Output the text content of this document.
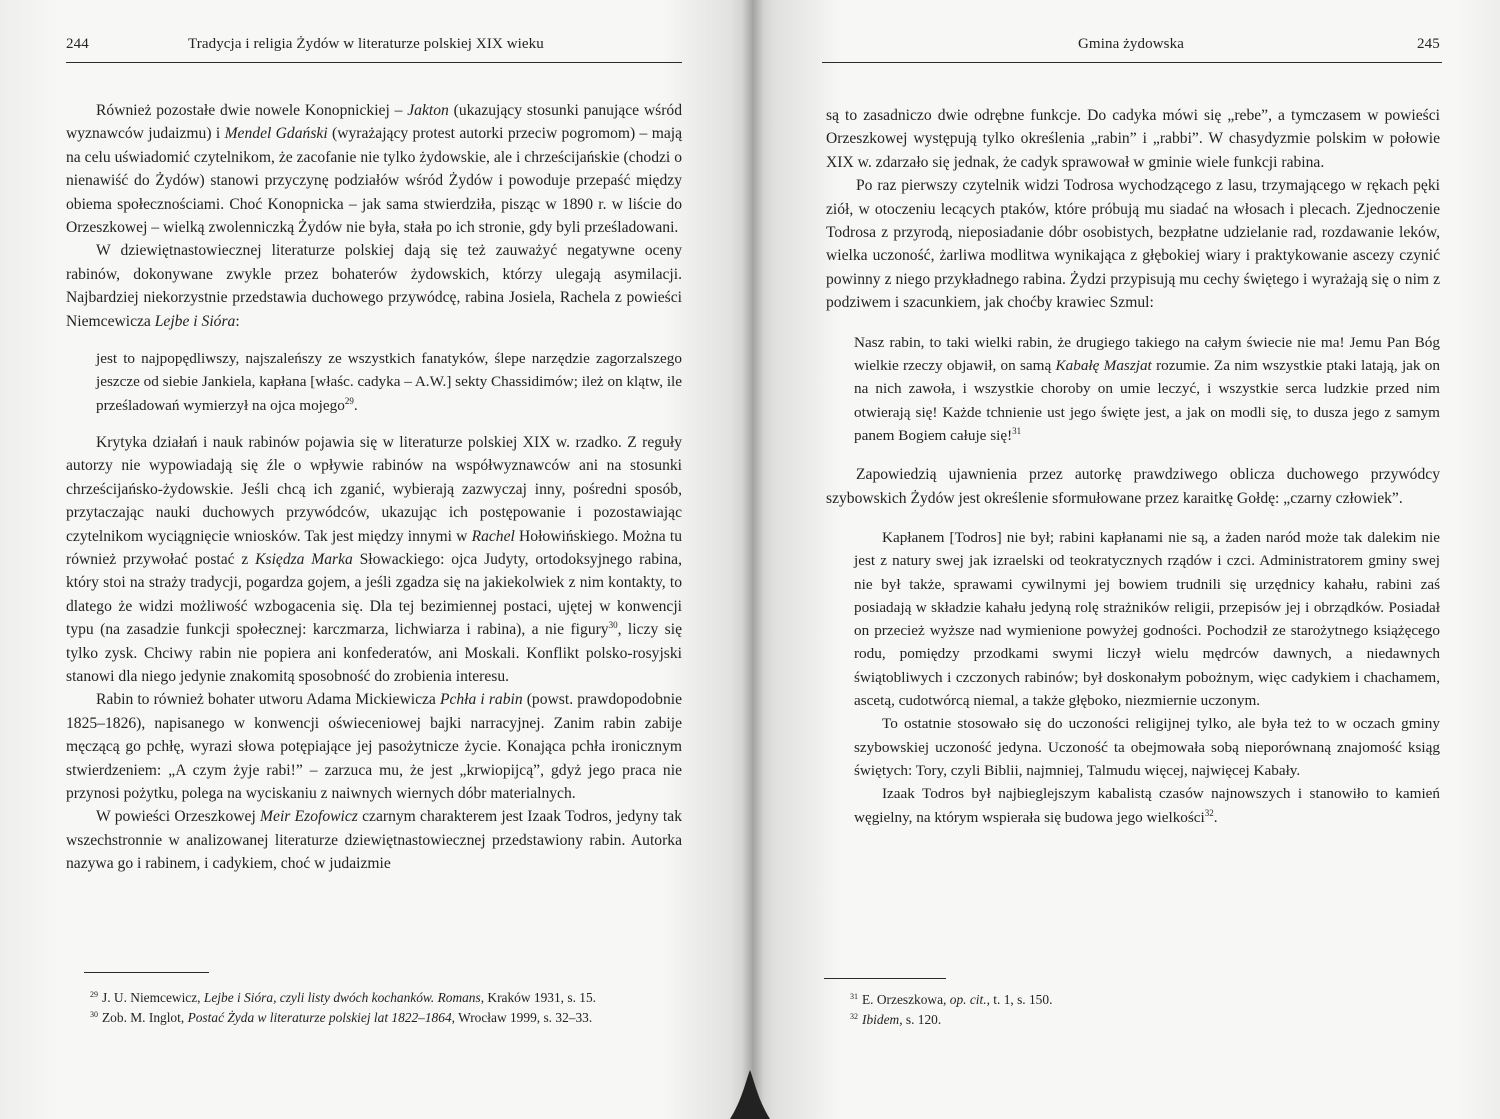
244	Tradycja i religia Żydów w literaturze polskiej XIX wieku

Również pozostałe dwie nowele Konopnickiej – Jakton (ukazujący stosunki panujące wśród wyznawców judaizmu) i Mendel Gdański (wyrażający protest autorki przeciw pogromom) – mają na celu uświadomić czytelnikom, że zacofanie nie tylko żydowskie, ale i chrześcijańskie (chodzi o nienawiść do Żydów) stanowi przyczynę podziałów wśród Żydów i powoduje przepaść między obiema społecznościami. Choć Konopnicka – jak sama stwierdziła, pisząc w 1890 r. w liście do Orzeszkowej – wielką zwolenniczką Żydów nie była, stała po ich stronie, gdy byli prześladowani.

W dziewiętnastowiecznej literaturze polskiej dają się też zauważyć negatywne oceny rabinów, dokonywane zwykle przez bohaterów żydowskich, którzy ulegają asymilacji. Najbardziej niekorzystnie przedstawia duchowego przywódcę, rabina Josiela, Rachela z powieści Niemcewicza Lejbe i Sióra:

jest to najpopędliwszy, najszaleńszy ze wszystkich fanatyków, ślepe narzędzie zagorzalszego jeszcze od siebie Jankiela, kapłana [właśc. cadyka – A.W.] sekty Chassidimów; ileż on klątw, ile prześladowań wymierzył na ojca mojego$^{29}$.

Krytyka działań i nauk rabinów pojawia się w literaturze polskiej XIX w. rzadko. Z reguły autorzy nie wypowiadają się źle o wpływie rabinów na współwyznawców ani na stosunki chrześcijańsko-żydowskie. Jeśli chcą ich zganić, wybierają zazwyczaj inny, pośredni sposób, przytaczając nauki duchowych przywódców, ukazując ich postępowanie i pozostawiając czytelnikom wyciągnięcie wniosków. Tak jest między innymi w Rachel Hołowińskiego. Można tu również przywołać postać z Księdza Marka Słowackiego: ojca Judyty, ortodoksyjnego rabina, który stoi na straży tradycji, pogardza gojem, a jeśli zgadza się na jakiekolwiek z nim kontakty, to dlatego że widzi możliwość wzbogacenia się. Dla tej bezimiennej postaci, ujętej w konwencji typu (na zasadzie funkcji społecznej: karczmarza, lichwiarza i rabina), a nie figury$^{30}$, liczy się tylko zysk. Chciwy rabin nie popiera ani konfederatów, ani Moskali. Konflikt polsko-rosyjski stanowi dla niego jedynie znakomitą sposobność do zrobienia interesu.

Rabin to również bohater utworu Adama Mickiewicza Pchła i rabin (powst. prawdopodobnie 1825–1826), napisanego w konwencji oświeceniowej bajki narracyjnej. Zanim rabin zabije męczącą go pchłę, wyrazi słowa potępiające jej pasożytnicze życie. Konająca pchła ironicznym stwierdzeniem: „A czym żyje rabi!” – zarzuca mu, że jest „krwiopijcą”, gdyż jego praca nie przynosi pożytku, polega na wyciskaniu z naiwnych wiernych dóbr materialnych.

W powieści Orzeszkowej Meir Ezofowicz czarnym charakterem jest Izaak Todros, jedyny tak wszechstronnie w analizowanej literaturze dziewiętnastowiecznej przedstawiony rabin. Autorka nazywa go i rabinem, i cadykiem, choć w judaizmie

$^{29}$ J. U. Niemcewicz, Lejbe i Sióra, czyli listy dwóch kochanków. Romans, Kraków 1931, s. 15.
$^{30}$ Zob. M. Inglot, Postać Żyda w literaturze polskiej lat 1822–1864, Wrocław 1999, s. 32–33.
Gmina żydowska	245

są to zasadniczo dwie odrębne funkcje. Do cadyka mówi się „rebe”, a tymczasem w powieści Orzeszkowej występują tylko określenia „rabin” i „rabbi”. W chasydyzmie polskim w połowie XIX w. zdarzało się jednak, że cadyk sprawował w gminie wiele funkcji rabina.

Po raz pierwszy czytelnik widzi Todrosa wychodzącego z lasu, trzymającego w rękach pęki ziół, w otoczeniu lecących ptaków, które próbują mu siadać na włosach i plecach. Zjednoczenie Todrosa z przyrodą, nieposiadanie dóbr osobistych, bezpłatne udzielanie rad, rozdawanie leków, wielka uczoność, żarliwa modlitwa wynikająca z głębokiej wiary i praktykowanie ascezy czynić powinny z niego przykładnego rabina. Żydzi przypisują mu cechy świętego i wyrażają się o nim z podziwem i szacunkiem, jak choćby krawiec Szmul:

Nasz rabin, to taki wielki rabin, że drugiego takiego na całym świecie nie ma! Jemu Pan Bóg wielkie rzeczy objawił, on samą Kabałę Maszjat rozumie. Za nim wszystkie ptaki latają, jak on na nich zawoła, i wszystkie choroby on umie leczyć, i wszystkie serca ludzkie przed nim otwierają się! Każde tchnienie ust jego święte jest, a jak on modli się, to dusza jego z samym panem Bogiem całuje się!$^{31}$

Zapowiedzią ujawnienia przez autorkę prawdziwego oblicza duchowego przywódcy szybowskich Żydów jest określenie sformułowane przez karaitkę Gołdę: „czarny człowiek”.

Kapłanem [Todros] nie był; rabini kapłanami nie są, a żaden naród może tak dalekim nie jest z natury swej jak izraelski od teokratycznych rządów i czci. Administratorem gminy swej nie był także, sprawami cywilnymi jej bowiem trudnili się urzędnicy kahału, rabini zaś posiadają w składzie kahału jedyną rolę strażników religii, przepisów jej i obrządków. Posiadał on przecież wyższe nad wymienione powyżej godności. Pochodził ze starożytnego książęcego rodu, pomiędzy przodkami swymi liczył wielu mędrców dawnych, a niedawnych świątobliwych i czczonych rabinów; był doskonałym pobożnym, więc cadykiem i chachamem, ascetą, cudotwórcą niemal, a także głęboko, niezmiernie uczonym.
To ostatnie stosowało się do uczoności religijnej tylko, ale była też to w oczach gminy szybowskiej uczoność jedyna. Uczoność ta obejmowała sobą nieporównaną znajomość ksiąg świętych: Tory, czyli Biblii, najmniej, Talmudu więcej, najwięcej Kabały.
Izaak Todros był najbieglejszym kabalistą czasów najnowszych i stanowiło to kamień węgielny, na którym wspierała się budowa jego wielkości$^{32}$.
$^{31}$ E. Orzeszkowa, op. cit., t. 1, s. 150.
$^{32}$ Ibidem, s. 120.
